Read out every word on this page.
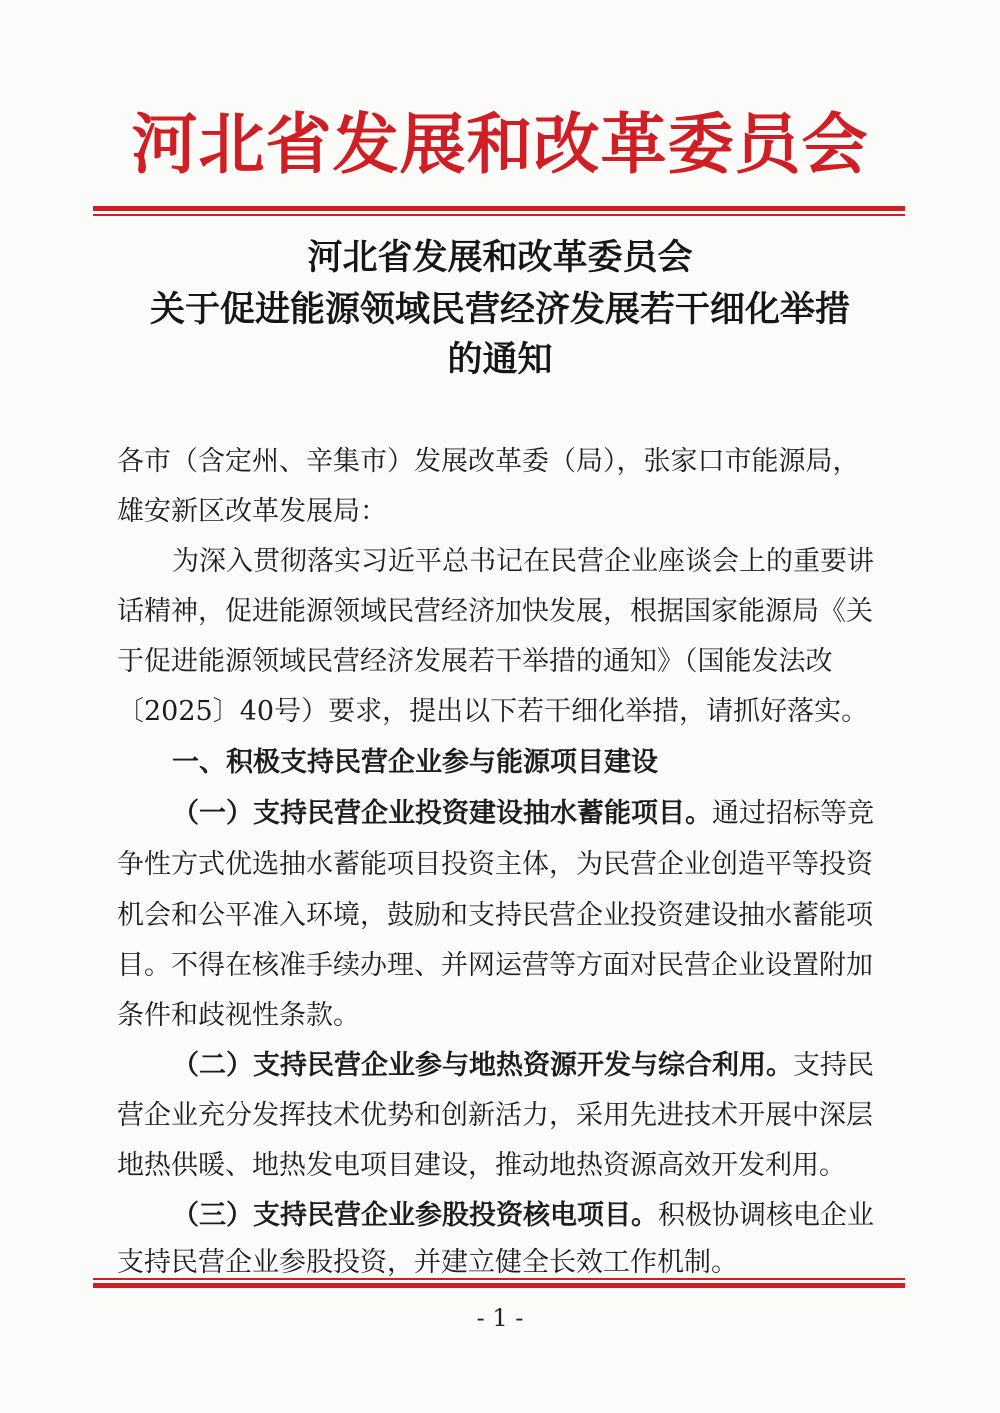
河北省发展和改革委员会
河北省发展和改革委员会
关于促进能源领域民营经济发展若干细化举措
的通知
各市（含定州、辛集市）发展改革委（局），张家口市能源局，
雄安新区改革发展局：
为深入贯彻落实习近平总书记在民营企业座谈会上的重要讲
话精神，促进能源领域民营经济加快发展，根据国家能源局《关
于促进能源领域民营经济发展若干举措的通知》（国能发法改
〔2025〕40号）要求，提出以下若干细化举措，请抓好落实。
一、积极支持民营企业参与能源项目建设
（一）支持民营企业投资建设抽水蓄能项目。通过招标等竞
争性方式优选抽水蓄能项目投资主体，为民营企业创造平等投资
机会和公平准入环境，鼓励和支持民营企业投资建设抽水蓄能项
目。不得在核准手续办理、并网运营等方面对民营企业设置附加
条件和歧视性条款。
（二）支持民营企业参与地热资源开发与综合利用。支持民
营企业充分发挥技术优势和创新活力，采用先进技术开展中深层
地热供暖、地热发电项目建设，推动地热资源高效开发利用。
（三）支持民营企业参股投资核电项目。积极协调核电企业
支持民营企业参股投资，并建立健全长效工作机制。
- 1 -
